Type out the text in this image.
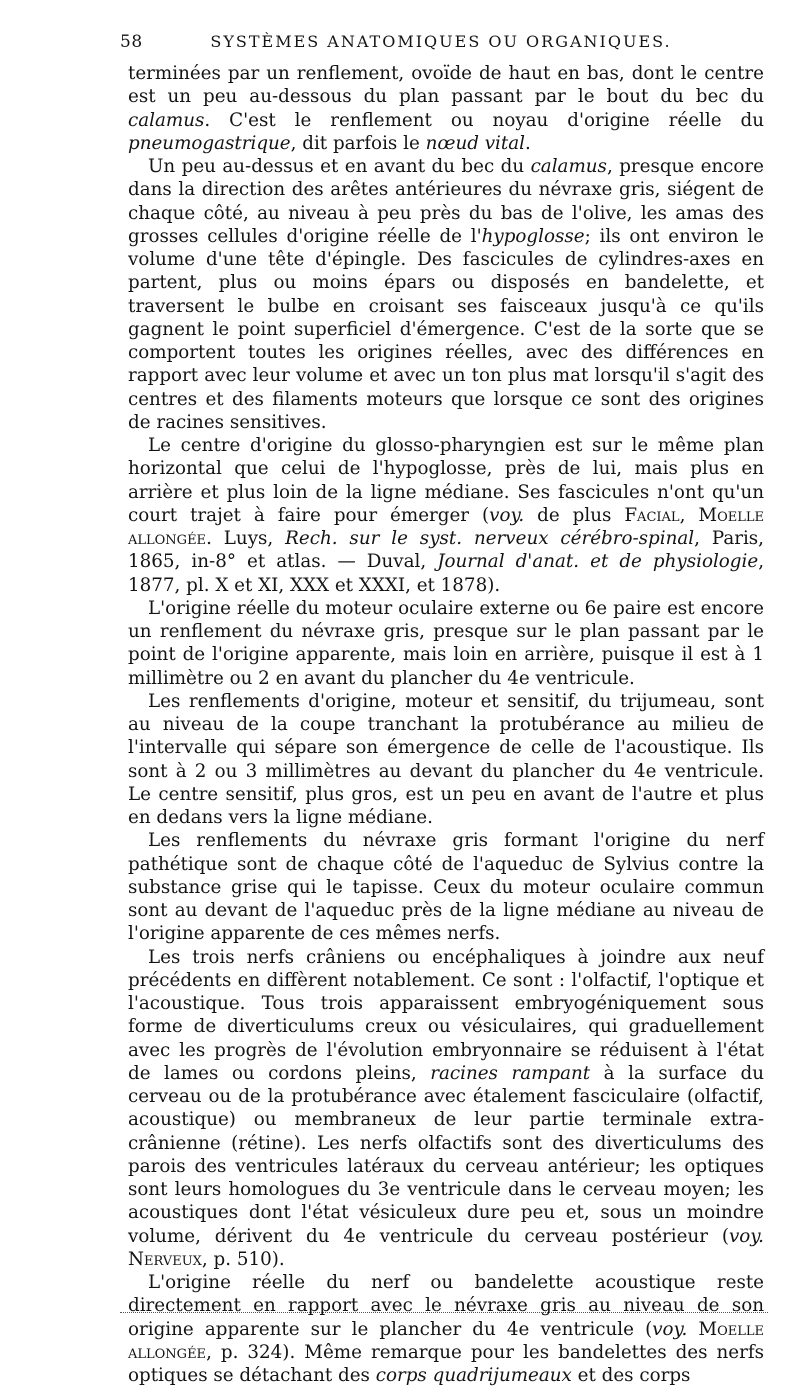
58	SYSTÈMES ANATOMIQUES OU ORGANIQUES.

terminées par un renflement, ovoïde de haut en bas, dont le centre est un peu au-dessous du plan passant par le bout du bec du calamus. C'est le renflement ou noyau d'origine réelle du pneumogastrique, dit parfois le nœud vital.

Un peu au-dessus et en avant du bec du calamus, presque encore dans la direction des arêtes antérieures du névraxe gris, siégent de chaque côté, au niveau à peu près du bas de l'olive, les amas des grosses cellules d'origine réelle de l'hypoglosse; ils ont environ le volume d'une tête d'épingle. Des fascicules de cylindres-axes en partent, plus ou moins épars ou disposés en bandelette, et traversent le bulbe en croisant ses faisceaux jusqu'à ce qu'ils gagnent le point superficiel d'émergence. C'est de la sorte que se comportent toutes les origines réelles, avec des différences en rapport avec leur volume et avec un ton plus mat lorsqu'il s'agit des centres et des filaments moteurs que lorsque ce sont des origines de racines sensitives.

Le centre d'origine du glosso-pharyngien est sur le même plan horizontal que celui de l'hypoglosse, près de lui, mais plus en arrière et plus loin de la ligne médiane. Ses fascicules n'ont qu'un court trajet à faire pour émerger (voy. de plus Facial, Moelle allongée. Luys, Rech. sur le syst. nerveux cérébro-spinal, Paris, 1865, in-8° et atlas. — Duval, Journal d'anat. et de physiologie, 1877, pl. X et XI, XXX et XXXI, et 1878).

L'origine réelle du moteur oculaire externe ou 6e paire est encore un renflement du névraxe gris, presque sur le plan passant par le point de l'origine apparente, mais loin en arrière, puisque il est à 1 millimètre ou 2 en avant du plancher du 4e ventricule.

Les renflements d'origine, moteur et sensitif, du trijumeau, sont au niveau de la coupe tranchant la protubérance au milieu de l'intervalle qui sépare son émergence de celle de l'acoustique. Ils sont à 2 ou 3 millimètres au devant du plancher du 4e ventricule. Le centre sensitif, plus gros, est un peu en avant de l'autre et plus en dedans vers la ligne médiane.

Les renflements du névraxe gris formant l'origine du nerf pathétique sont de chaque côté de l'aqueduc de Sylvius contre la substance grise qui le tapisse. Ceux du moteur oculaire commun sont au devant de l'aqueduc près de la ligne médiane au niveau de l'origine apparente de ces mêmes nerfs.

Les trois nerfs crâniens ou encéphaliques à joindre aux neuf précédents en diffèrent notablement. Ce sont : l'olfactif, l'optique et l'acoustique. Tous trois apparaissent embryogéniquement sous forme de diverticulums creux ou vésiculaires, qui graduellement avec les progrès de l'évolution embryonnaire se réduisent à l'état de lames ou cordons pleins, racines rampant à la surface du cerveau ou de la protubérance avec étalement fasciculaire (olfactif, acoustique) ou membraneux de leur partie terminale extra-crânienne (rétine). Les nerfs olfactifs sont des diverticulums des parois des ventricules latéraux du cerveau antérieur; les optiques sont leurs homologues du 3e ventricule dans le cerveau moyen; les acoustiques dont l'état vésiculeux dure peu et, sous un moindre volume, dérivent du 4e ventricule du cerveau postérieur (voy. Nerveux, p. 510).

L'origine réelle du nerf ou bandelette acoustique reste directement en rapport avec le névraxe gris au niveau de son origine apparente sur le plancher du 4e ventricule (voy. Moelle allongée, p. 324). Même remarque pour les bandelettes des nerfs optiques se détachant des corps quadrijumeaux et des corps
